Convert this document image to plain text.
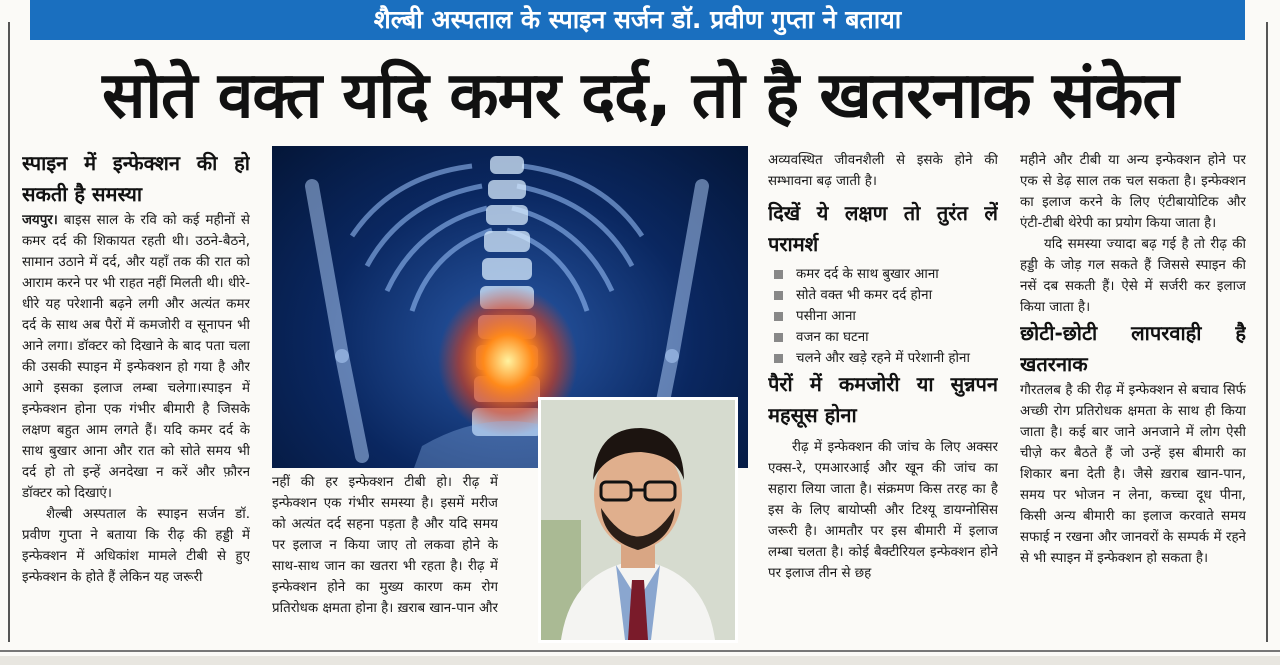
शैल्बी अस्पताल के स्पाइन सर्जन डॉ. प्रवीण गुप्ता ने बताया
सोते वक्त यदि कमर दर्द, तो है खतरनाक संकेत
स्पाइन में इन्फेक्शन की हो सकती है समस्या

जयपुर। बाइस साल के रवि को कई महीनों से कमर दर्द की शिकायत रहती थी। उठने-बैठने, सामान उठाने में दर्द, और यहाँ तक की रात को आराम करने पर भी राहत नहीं मिलती थी। धीरे-धीरे यह परेशानी बढ़ने लगी और अत्यंत कमर दर्द के साथ अब पैरों में कमजोरी व सूनापन भी आने लगा। डॉक्टर को दिखाने के बाद पता चला की उसकी स्पाइन में इन्फेक्शन हो गया है और आगे इसका इलाज लम्बा चलेगा।स्पाइन में इन्फेक्शन होना एक गंभीर बीमारी है जिसके लक्षण बहुत आम लगते हैं। यदि कमर दर्द के साथ बुखार आना और रात को सोते समय भी दर्द हो तो इन्हें अनदेखा न करें और फ़ौरन डॉक्टर को दिखाएं।

शैल्बी अस्पताल के स्पाइन सर्जन डॉ. प्रवीण गुप्ता ने बताया कि रीढ़ की हड्डी में इन्फेक्शन में अधिकांश मामले टीबी से हुए इन्फेक्शन के होते हैं लेकिन यह जरूरी

नहीं की हर इन्फेक्शन टीबी हो। रीढ़ में इन्फेक्शन एक गंभीर समस्या है। इसमें मरीज को अत्यंत दर्द सहना पड़ता है और यदि समय पर इलाज न किया जाए तो लकवा होने के साथ-साथ जान का खतरा भी रहता है। रीढ़ में इन्फेक्शन होने का मुख्य कारण कम रोग प्रतिरोधक क्षमता होना है। ख़राब खान-पान और

अव्यवस्थित जीवनशैली से इसके होने की सम्भावना बढ़ जाती है।

दिखें ये लक्षण तो तुरंत लें परामर्श
कमर दर्द के साथ बुखार आना
सोते वक्त भी कमर दर्द होना
पसीना आना
वजन का घटना
चलने और खड़े रहने में परेशानी होना
पैरों में कमजोरी या सुन्नपन महसूस होना

रीढ़ में इन्फेक्शन की जांच के लिए अक्सर एक्स-रे, एमआरआई और खून की जांच का सहारा लिया जाता है। संक्रमण किस तरह का है इस के लिए बायोप्सी और टिश्यू डायग्नोसिस जरूरी है। आमतौर पर इस बीमारी में इलाज लम्बा चलता है। कोई बैक्टीरियल इन्फेक्शन होने पर इलाज तीन से छह

महीने और टीबी या अन्य इन्फेक्शन होने पर एक से डेढ़ साल तक चल सकता है। इन्फेक्शन का इलाज करने के लिए एंटीबायोटिक और एंटी-टीबी थेरेपी का प्रयोग किया जाता है।

यदि समस्या ज्यादा बढ़ गई है तो रीढ़ की हड्डी के जोड़ गल सकते हैं जिससे स्पाइन की नसें दब सकती हैं। ऐसे में सर्जरी कर इलाज किया जाता है।

छोटी-छोटी लापरवाही है खतरनाक

गौरतलब है की रीढ़ में इन्फेक्शन से बचाव सिर्फ अच्छी रोग प्रतिरोधक क्षमता के साथ ही किया जाता है। कई बार जाने अनजाने में लोग ऐसी चीज़े कर बैठते हैं जो उन्हें इस बीमारी का शिकार बना देती है। जैसे ख़राब खान-पान, समय पर भोजन न लेना, कच्चा दूध पीना, किसी अन्य बीमारी का इलाज करवाते समय सफाई न रखना और जानवरों के सम्पर्क में रहने से भी स्पाइन में इन्फेक्शन हो सकता है।
